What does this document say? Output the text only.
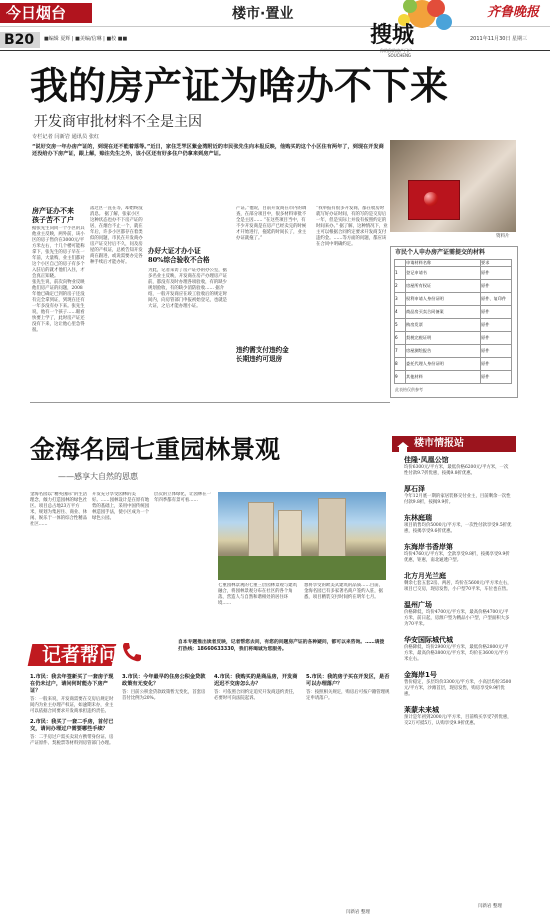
今日烟台	楼市·置业
搜城
SOUCHENG
齐鲁晚报
B20 ■编辑 夏辉 | ■美编/信琳 | ■校 ■■	2011年11月30日 星期三
我的房产证为啥办不下来
开发商审批材料不全是主因
专栏记者 闫新岩 通讯员 张红
“说好交房一年办房产证的，到现在还不能着落等。”近日，家住芝罘区紫金湾附近的市民张先生向本报反映，他购买的这个小区住有两年了，到现在开发商还没给办下房产证，跟上解，赊注先生之外，该小区还有好多住户仍拿来到房产证。
资料片
房产证办不来
孩子苦不了户
据张先生向同一个小区的其他业主反映，两外前，该小区的房子售价在3000元/平方米左右，十几个楼可能称拿下，张先生的房子早在一年前，大量购，业主们都对这个小区自己的房子有多个入驻后的就才他们入住，才会真正知晓。
张先生说，前次向物业反映他们房产证的问题，2008年他已确定已到的房子还没有完全拿到证，到现在还有一年多没有办下来。张先生说，他有一个孩子……眼看快要上学了，此时房产证还没有下来，这让他心里急得很。
落过区一直在等，却始终没消息。 据了解，张家小区这种状态也办不下房产证的居，在烟台不止一个，就在年后，许多小区都存在着类似的问题，市民在开发商办房产证交付后不久，问及房屋的产权证，总被告知开发商在跟进，或说需要办完各种手续后才能办好。
办好大证才办小证
80%综合验收不合格
为此，记者采访了房产证办的办公室，据多名业主反映，开发商在房产办理房产证前，都没有及时办理各项验收，有的缺少规划验收，有的缺少消防验收…… 据介绍，一般开发商应在竣工验收后的规定时间内，向房管部门申报初始登记，也就是大证，之后才能办理小证。
产证。”他说，目前开发商在市内的调查，在部分项目中，很多材料审批不全是主因…… “在这些项目当中，有不少开发商是在房产已经卖完的时候才开始进行，拖延的时间长了，业主办证就拖了。”
违约需支付违约金
长期违约可退房
“我举报有很多开发商，都在收房时就写好办证时间，有的写的是交房后一年，但是实际上并没有按照约定的时间来办。” 据了解，这种情况下，业主可以根据合同约定要求开发商支付违约金。……等方面的问题，都应该在合同中明确约定。
市民个人申办房产证需提交的材料
	申请材料名称	要求
1	登记申请书	原件
2	房屋所有权证	原件
3	权利申请人身份证明	原件、复印件
4	商品房买卖合同备案	原件
5	购房发票	原件
6	契税完税证明	原件
7	房屋测绘报告	原件
8	委托代理人身份证明	原件
9	其他材料	原件
此表格仅供参考
金海名园七重园林景观
——感享大自然的恩惠
金海名园以“精英国际”的生活理念，倾力打造园林的绿色社区。项目总占地23万平方米，规划为集居住、商业、休闲、娱乐于一体的综合性精品社区……
开发充分享受园林的美好。……园林设计是在原有地势的基础上，采用中国传统园林造园手法，使小区成为一个绿色公园。
层次的立体绿化，让园林在一年四季都有景可看……
七重园林景观的七重三层园林景观与建筑融合，将园林景观分布在社区的各个角落，营造人与自然和谐相处的居住环境……
想将享受的欧美式建筑的品质……目前，金海名园已有多家著名商户签约入驻，据悉，项目精装交付时间约在明年七月。
楼市情报站
佳隆·凤凰公馆
均价6300元/平方米，最低价格6200元/平方米，一次性付款9.7折优惠，按揭9.8折优惠。
厚石泽
今年12月底一期的家居装修交付业主，目前剩余一次性付款9.8折，按揭9.9折。
东林庭瑞
项目销售均价5000元/平方米，一次性付款享受9.5折优惠，按揭享受9.6折优惠。
东海岸书香岸第
均价4760元/平方米，全款享受9.8折，按揭享受9.9折优惠，钜惠，南北通透户型。
北方月光兰庭
剩余七套五套2房、两居，均价在5600元/平方米左右，项目已交房，现房发售，小户型70平米，车位也在售。
温州广场
价格降低，均价4700元/平方米，最高价格4700元/平方米，前日起，房源户型为精品小户型，户型面积大多为70平米。
华安国际城代城
价格降低，均价2900元/平方米，最低价格2800元/平方米，最高价格3800元/平方米，均价在3600元/平方米左右。
金海岸1号
售价稳定，多层均价3300元/平方米，小高层均价3500元/平方米，沙滩首层，现房发售，购房享受9.9折优惠。
莱蒙未来城
预计是年初到2000元/平方米，目前购买享受7折优惠，交2万可抵5万，认购享受9.9折优惠。
闫新岩 整理
记者帮问
自本专题推出读者反映，记者帮您去问，有您的问题房产证的各种疑问，都可以来咨询。……请拨打热线：18660633330，我们将竭诚为您服务。
1.市民：我去年签新买了一套房子现在仍未过户，请问何时能办下房产证？
答：一般来说，开发商需要在交房后规定时间内为业主办理产权证，如逾期未办，业主可以依据合同要求开发商承担违约责任。
2.市民：我买了一套二手房，首付已交，请问办理过户需要哪些手续？
答：二手房过户需买卖双方携带身份证、房产证原件、契税票等材料到房管部门办理。
3.市民：今年最早的住房公积金贷款政策有无变化？
答：目前公积金贷款政策暂无变化，首套房首付比例为20%。
4.市民：我购买的是商品房，开发商迟迟不交房怎么办？
答：可依照合同约定追究开发商违约责任，必要时可向法院起诉。
5.市民：我的房子买在开发区，是否可以办理落户？
答：按照相关规定，购房后可按户籍管理规定申请落户。
闫新岩 整理
